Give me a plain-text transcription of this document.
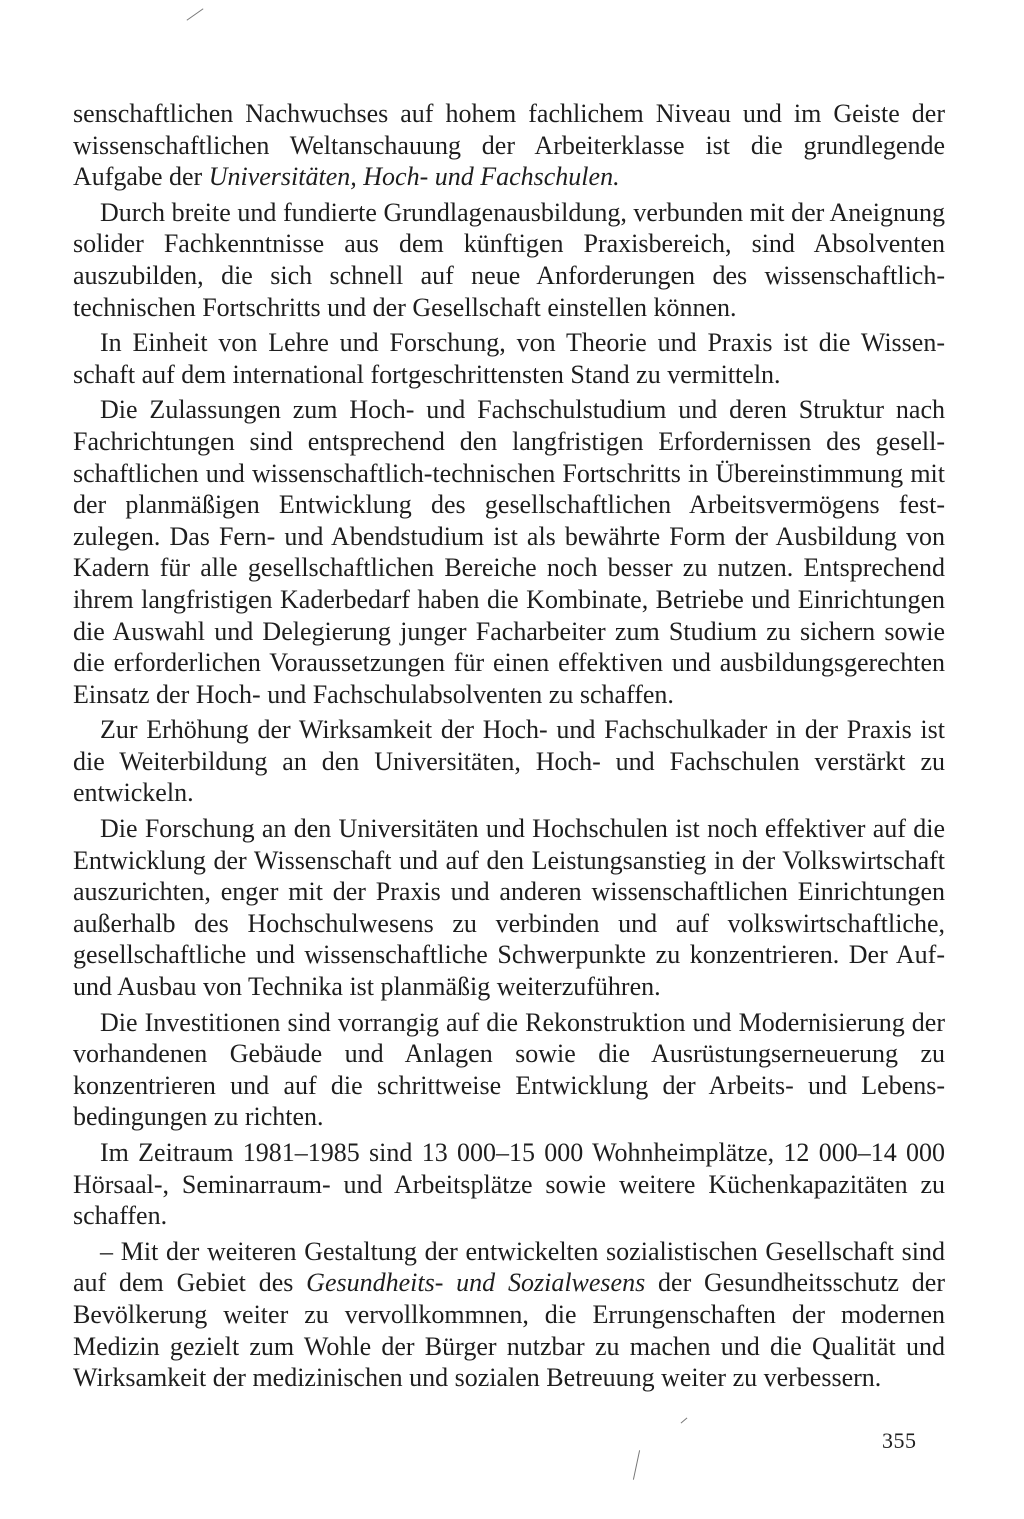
senschaftlichen Nachwuchses auf hohem fachlichem Niveau und im Geiste der wissenschaftlichen Weltanschauung der Arbeiterklasse ist die grundlegende Aufgabe der Universitäten, Hoch- und Fachschulen.

Durch breite und fundierte Grundlagenausbildung, verbunden mit der Aneignung solider Fachkenntnisse aus dem künftigen Praxisbereich, sind Absolventen auszubilden, die sich schnell auf neue Anforderungen des wissenschaftlich-technischen Fortschritts und der Gesellschaft einstellen können.

In Einheit von Lehre und Forschung, von Theorie und Praxis ist die Wissenschaft auf dem international fortgeschrittensten Stand zu vermitteln.

Die Zulassungen zum Hoch- und Fachschulstudium und deren Struktur nach Fachrichtungen sind entsprechend den langfristigen Erfordernissen des gesellschaftlichen und wissenschaftlich-technischen Fortschritts in Übereinstimmung mit der planmäßigen Entwicklung des gesellschaftlichen Arbeitsvermögens festzulegen. Das Fern- und Abendstudium ist als bewährte Form der Ausbildung von Kadern für alle gesellschaftlichen Bereiche noch besser zu nutzen. Entsprechend ihrem langfristigen Kaderbedarf haben die Kombinate, Betriebe und Einrichtungen die Auswahl und Delegierung junger Facharbeiter zum Studium zu sichern sowie die erforderlichen Voraussetzungen für einen effektiven und ausbildungsgerechten Einsatz der Hoch- und Fachschulabsolventen zu schaffen.

Zur Erhöhung der Wirksamkeit der Hoch- und Fachschulkader in der Praxis ist die Weiterbildung an den Universitäten, Hoch- und Fachschulen verstärkt zu entwickeln.

Die Forschung an den Universitäten und Hochschulen ist noch effektiver auf die Entwicklung der Wissenschaft und auf den Leistungsanstieg in der Volkswirtschaft auszurichten, enger mit der Praxis und anderen wissenschaftlichen Einrichtungen außerhalb des Hochschulwesens zu verbinden und auf volkswirtschaftliche, gesellschaftliche und wissenschaftliche Schwerpunkte zu konzentrieren. Der Auf- und Ausbau von Technika ist planmäßig weiterzuführen.

Die Investitionen sind vorrangig auf die Rekonstruktion und Modernisierung der vorhandenen Gebäude und Anlagen sowie die Ausrüstungserneuerung zu konzentrieren und auf die schrittweise Entwicklung der Arbeits- und Lebensbedingungen zu richten.

Im Zeitraum 1981–1985 sind 13 000–15 000 Wohnheimplätze, 12 000–14 000 Hörsaal-, Seminarraum- und Arbeitsplätze sowie weitere Küchenkapazitäten zu schaffen.

– Mit der weiteren Gestaltung der entwickelten sozialistischen Gesellschaft sind auf dem Gebiet des Gesundheits- und Sozialwesens der Gesundheitsschutz der Bevölkerung weiter zu vervollkommnen, die Errungenschaften der modernen Medizin gezielt zum Wohle der Bürger nutzbar zu machen und die Qualität und Wirksamkeit der medizinischen und sozialen Betreuung weiter zu verbessern.

355
